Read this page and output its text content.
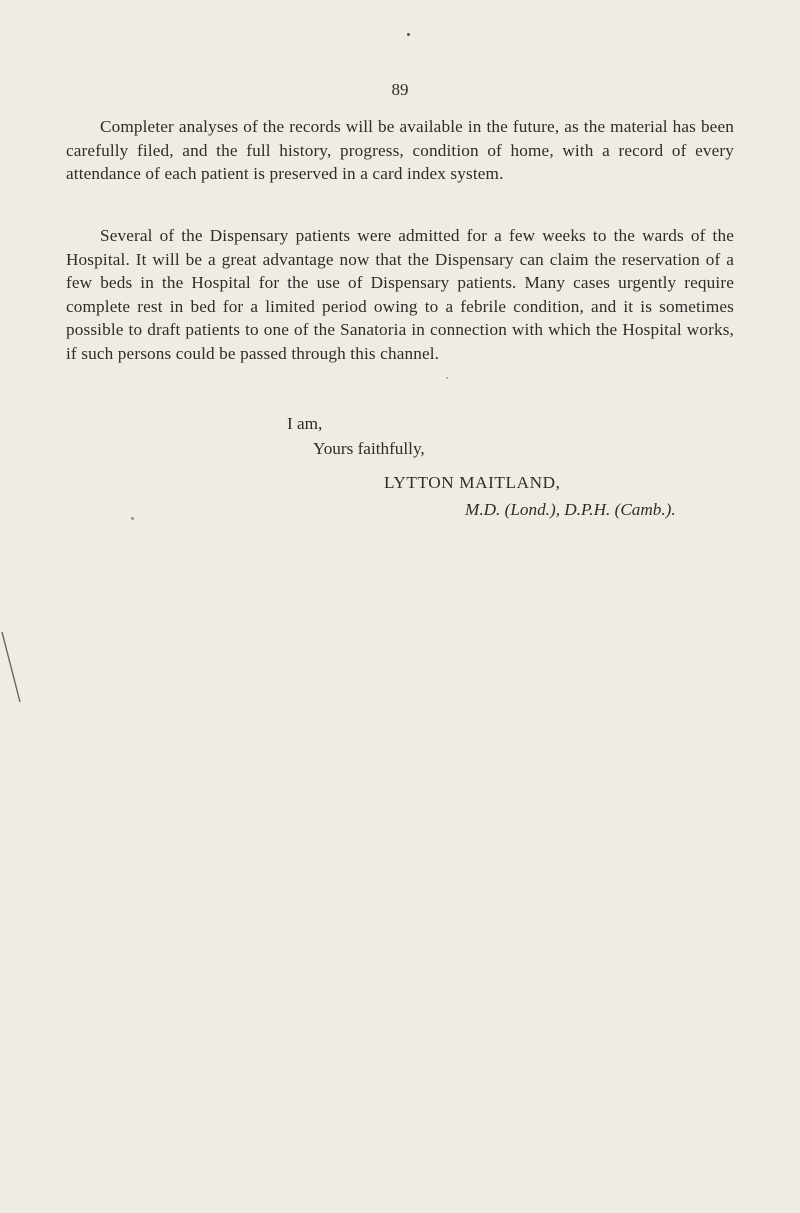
89

Completer analyses of the records will be available in the future, as the material has been carefully filed, and the full history, progress, condition of home, with a record of every attendance of each patient is preserved in a card index system.

Several of the Dispensary patients were admitted for a few weeks to the wards of the Hospital. It will be a great advantage now that the Dispensary can claim the reservation of a few beds in the Hospital for the use of Dispensary patients. Many cases urgently require complete rest in bed for a limited period owing to a febrile condition, and it is sometimes possible to draft patients to one of the Sanatoria in connection with which the Hospital works, if such persons could be passed through this channel.

I am,

Yours faithfully,

LYTTON MAITLAND,

M.D. (Lond.), D.P.H. (Camb.).
